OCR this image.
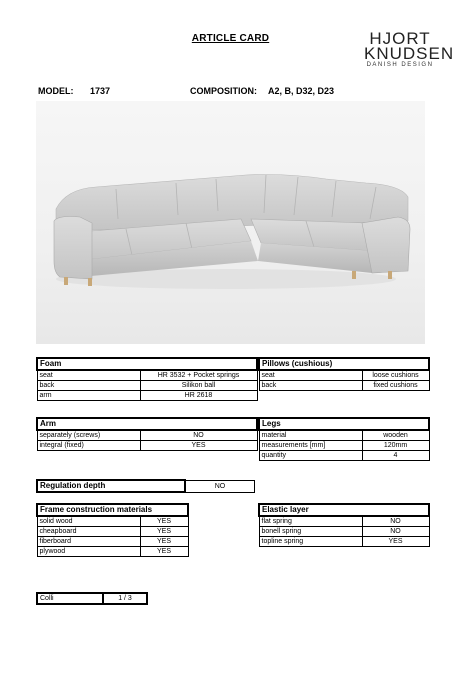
ARTICLE CARD	HJORT
KNUDSEN
DANISH DESIGN
MODEL: 1737	COMPOSITION: A2, B, D32, D23
Foam		
seat	HR 3532 + Pocket springs	
back	Silikon ball	
arm	HR 2618	
Pillows (cushious)	
seat	loose cushions
back	fixed cushions
Arm	
separately (screws)	NO
integral (fixed)	YES
Legs	
material	wooden
measurements [mm]	120mm
quantity	4
Regulation depth	NO
Frame construction materials	
solid wood	YES
cheapboard	YES
fiberboard	YES
plywood	YES
Elastic layer	
flat spring	NO
bonell spring	NO
topline spring	YES
Colli	1 / 3
